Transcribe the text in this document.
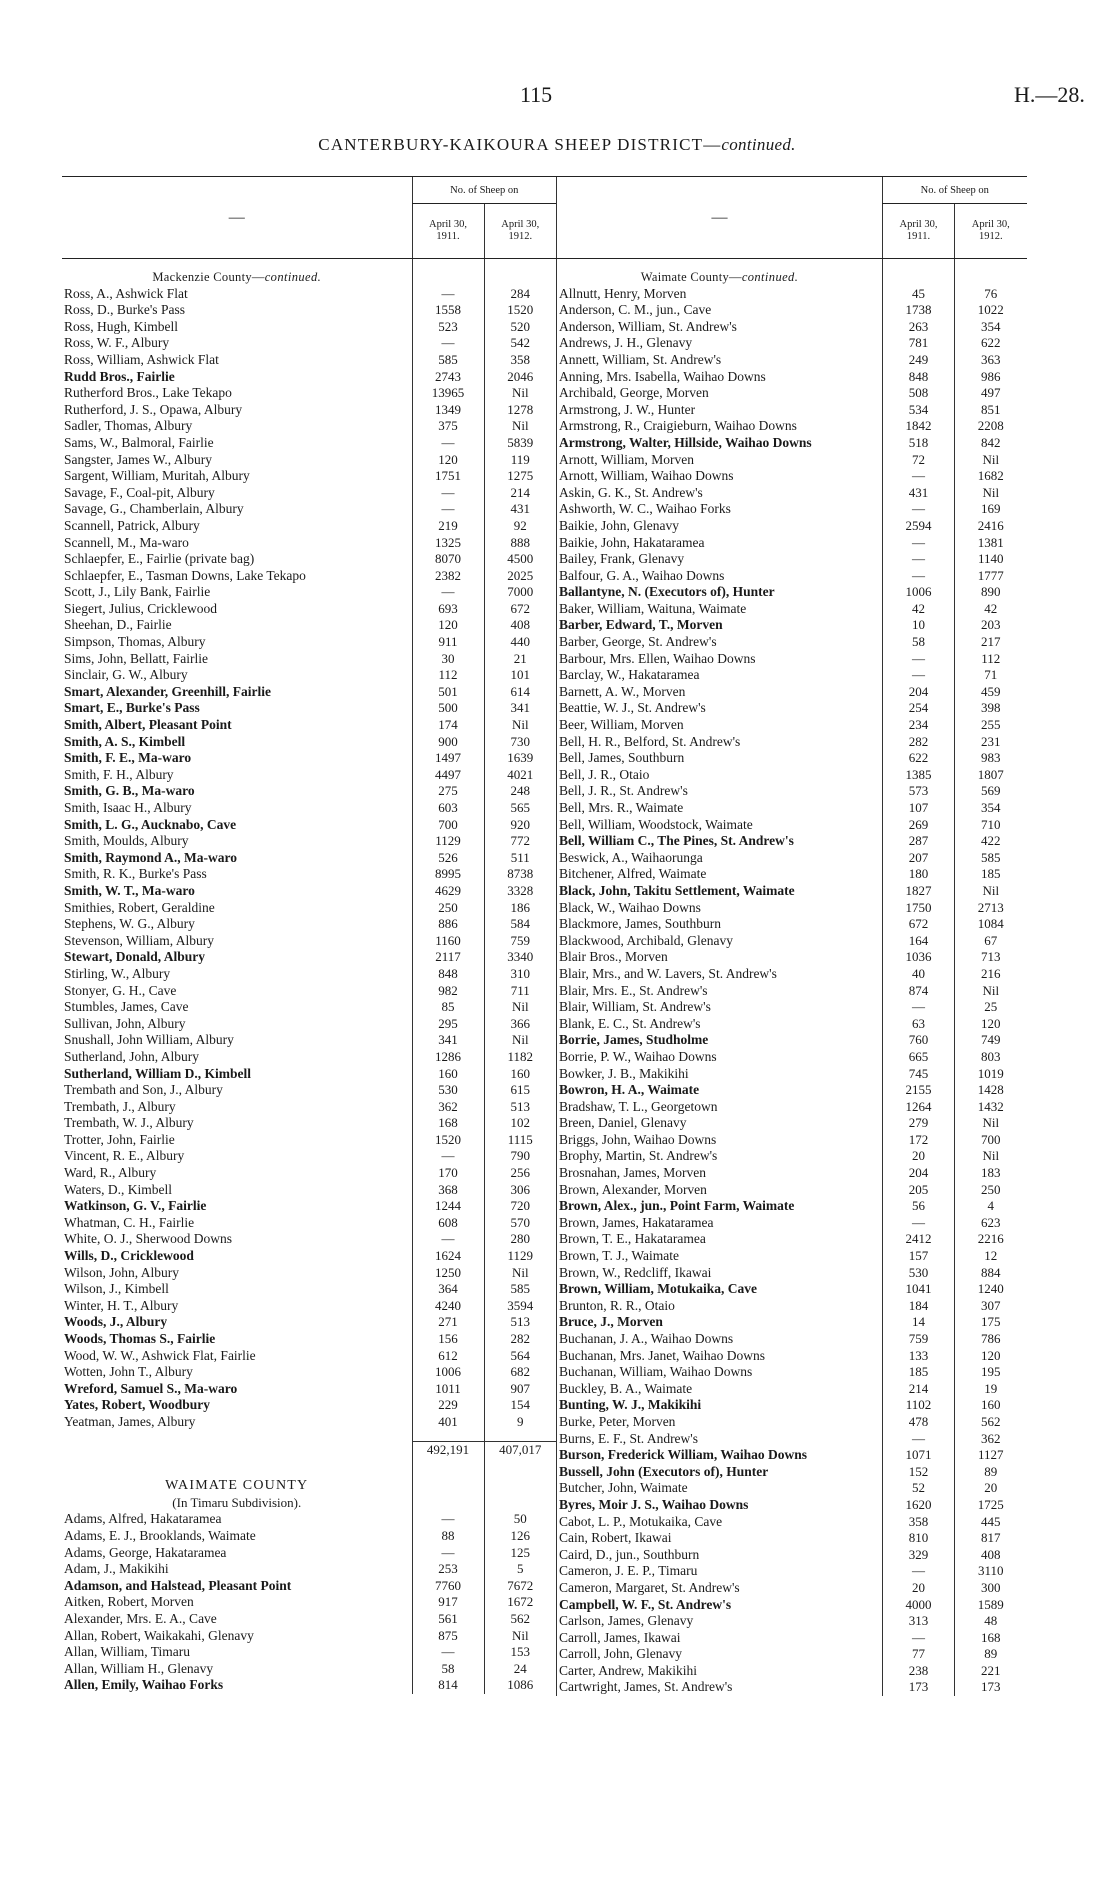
115	H.—28.
CANTERBURY-KAIKOURA SHEEP DISTRICT—continued.
—	No. of Sheep on	
	April 30,
1911.	April 30,
1912.

Mackenzie County—continued.		
Ross, A., Ashwick Flat	—	284
Ross, D., Burke's Pass	1558	1520
Ross, Hugh, Kimbell	523	520
Ross, W. F., Albury	—	542
Ross, William, Ashwick Flat	585	358
Rudd Bros., Fairlie	2743	2046
Rutherford Bros., Lake Tekapo	13965	Nil
Rutherford, J. S., Opawa, Albury	1349	1278
Sadler, Thomas, Albury	375	Nil
Sams, W., Balmoral, Fairlie	—	5839
Sangster, James W., Albury	120	119
Sargent, William, Muritah, Albury	1751	1275
Savage, F., Coal-pit, Albury	—	214
Savage, G., Chamberlain, Albury	—	431
Scannell, Patrick, Albury	219	92
Scannell, M., Ma-waro	1325	888
Schlaepfer, E., Fairlie (private bag)	8070	4500
Schlaepfer, E., Tasman Downs, Lake Tekapo	2382	2025
Scott, J., Lily Bank, Fairlie	—	7000
Siegert, Julius, Cricklewood	693	672
Sheehan, D., Fairlie	120	408
Simpson, Thomas, Albury	911	440
Sims, John, Bellatt, Fairlie	30	21
Sinclair, G. W., Albury	112	101
Smart, Alexander, Greenhill, Fairlie	501	614
Smart, E., Burke's Pass	500	341
Smith, Albert, Pleasant Point	174	Nil
Smith, A. S., Kimbell	900	730
Smith, F. E., Ma-waro	1497	1639
Smith, F. H., Albury	4497	4021
Smith, G. B., Ma-waro	275	248
Smith, Isaac H., Albury	603	565
Smith, L. G., Aucknabo, Cave	700	920
Smith, Moulds, Albury	1129	772
Smith, Raymond A., Ma-waro	526	511
Smith, R. K., Burke's Pass	8995	8738
Smith, W. T., Ma-waro	4629	3328
Smithies, Robert, Geraldine	250	186
Stephens, W. G., Albury	886	584
Stevenson, William, Albury	1160	759
Stewart, Donald, Albury	2117	3340
Stirling, W., Albury	848	310
Stonyer, G. H., Cave	982	711
Stumbles, James, Cave	85	Nil
Sullivan, John, Albury	295	366
Snushall, John William, Albury	341	Nil
Sutherland, John, Albury	1286	1182
Sutherland, William D., Kimbell	160	160
Trembath and Son, J., Albury	530	615
Trembath, J., Albury	362	513
Trembath, W. J., Albury	168	102
Trotter, John, Fairlie	1520	1115
Vincent, R. E., Albury	—	790
Ward, R., Albury	170	256
Waters, D., Kimbell	368	306
Watkinson, G. V., Fairlie	1244	720
Whatman, C. H., Fairlie	608	570
White, O. J., Sherwood Downs	—	280
Wills, D., Cricklewood	1624	1129
Wilson, John, Albury	1250	Nil
Wilson, J., Kimbell	364	585
Winter, H. T., Albury	4240	3594
Woods, J., Albury	271	513
Woods, Thomas S., Fairlie	156	282
Wood, W. W., Ashwick Flat, Fairlie	612	564
Wotten, John T., Albury	1006	682
Wreford, Samuel S., Ma-waro	1011	907
Yates, Robert, Woodbury	229	154
Yeatman, James, Albury	401	9

	492,191	407,017

WAIMATE COUNTY		
(In Timaru Subdivision).		
Adams, Alfred, Hakataramea	—	50
Adams, E. J., Brooklands, Waimate	88	126
Adams, George, Hakataramea	—	125
Adam, J., Makikihi	253	5
Adamson, and Halstead, Pleasant Point	7760	7672
Aitken, Robert, Morven	917	1672
Alexander, Mrs. E. A., Cave	561	562
Allan, Robert, Waikakahi, Glenavy	875	Nil
Allan, William, Timaru	—	153
Allan, William H., Glenavy	58	24
Allen, Emily, Waihao Forks	814	1086
—	No. of Sheep on	
	April 30,
1911.	April 30,
1912.

Waimate County—continued.		
Allnutt, Henry, Morven	45	76
Anderson, C. M., jun., Cave	1738	1022
Anderson, William, St. Andrew's	263	354
Andrews, J. H., Glenavy	781	622
Annett, William, St. Andrew's	249	363
Anning, Mrs. Isabella, Waihao Downs	848	986
Archibald, George, Morven	508	497
Armstrong, J. W., Hunter	534	851
Armstrong, R., Craigieburn, Waihao Downs	1842	2208
Armstrong, Walter, Hillside, Waihao Downs	518	842
Arnott, William, Morven	72	Nil
Arnott, William, Waihao Downs	—	1682
Askin, G. K., St. Andrew's	431	Nil
Ashworth, W. C., Waihao Forks	—	169
Baikie, John, Glenavy	2594	2416
Baikie, John, Hakataramea	—	1381
Bailey, Frank, Glenavy	—	1140
Balfour, G. A., Waihao Downs	—	1777
Ballantyne, N. (Executors of), Hunter	1006	890
Baker, William, Waituna, Waimate	42	42
Barber, Edward, T., Morven	10	203
Barber, George, St. Andrew's	58	217
Barbour, Mrs. Ellen, Waihao Downs	—	112
Barclay, W., Hakataramea	—	71
Barnett, A. W., Morven	204	459
Beattie, W. J., St. Andrew's	254	398
Beer, William, Morven	234	255
Bell, H. R., Belford, St. Andrew's	282	231
Bell, James, Southburn	622	983
Bell, J. R., Otaio	1385	1807
Bell, J. R., St. Andrew's	573	569
Bell, Mrs. R., Waimate	107	354
Bell, William, Woodstock, Waimate	269	710
Bell, William C., The Pines, St. Andrew's	287	422
Beswick, A., Waihaorunga	207	585
Bitchener, Alfred, Waimate	180	185
Black, John, Takitu Settlement, Waimate	1827	Nil
Black, W., Waihao Downs	1750	2713
Blackmore, James, Southburn	672	1084
Blackwood, Archibald, Glenavy	164	67
Blair Bros., Morven	1036	713
Blair, Mrs., and W. Lavers, St. Andrew's	40	216
Blair, Mrs. E., St. Andrew's	874	Nil
Blair, William, St. Andrew's	—	25
Blank, E. C., St. Andrew's	63	120
Borrie, James, Studholme	760	749
Borrie, P. W., Waihao Downs	665	803
Bowker, J. B., Makikihi	745	1019
Bowron, H. A., Waimate	2155	1428
Bradshaw, T. L., Georgetown	1264	1432
Breen, Daniel, Glenavy	279	Nil
Briggs, John, Waihao Downs	172	700
Brophy, Martin, St. Andrew's	20	Nil
Brosnahan, James, Morven	204	183
Brown, Alexander, Morven	205	250
Brown, Alex., jun., Point Farm, Waimate	56	4
Brown, James, Hakataramea	—	623
Brown, T. E., Hakataramea	2412	2216
Brown, T. J., Waimate	157	12
Brown, W., Redcliff, Ikawai	530	884
Brown, William, Motukaika, Cave	1041	1240
Brunton, R. R., Otaio	184	307
Bruce, J., Morven	14	175
Buchanan, J. A., Waihao Downs	759	786
Buchanan, Mrs. Janet, Waihao Downs	133	120
Buchanan, William, Waihao Downs	185	195
Buckley, B. A., Waimate	214	19
Bunting, W. J., Makikihi	1102	160
Burke, Peter, Morven	478	562
Burns, E. F., St. Andrew's	—	362
Burson, Frederick William, Waihao Downs	1071	1127
Bussell, John (Executors of), Hunter	152	89
Butcher, John, Waimate	52	20
Byres, Moir J. S., Waihao Downs	1620	1725
Cabot, L. P., Motukaika, Cave	358	445
Cain, Robert, Ikawai	810	817
Caird, D., jun., Southburn	329	408
Cameron, J. E. P., Timaru	—	3110
Cameron, Margaret, St. Andrew's	20	300
Campbell, W. F., St. Andrew's	4000	1589
Carlson, James, Glenavy	313	48
Carroll, James, Ikawai	—	168
Carroll, John, Glenavy	77	89
Carter, Andrew, Makikihi	238	221
Cartwright, James, St. Andrew's	173	173
